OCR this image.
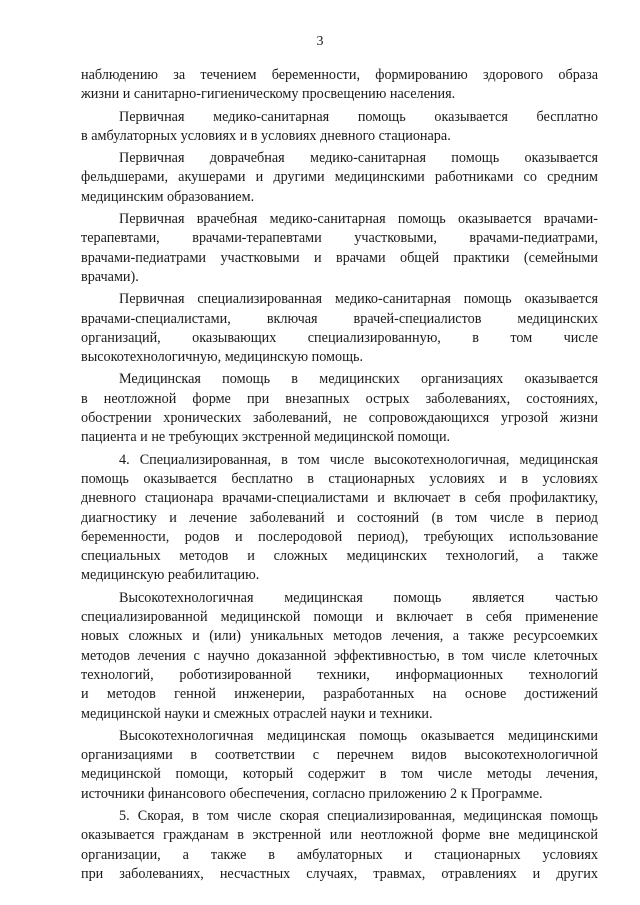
3

наблюдению за течением беременности, формированию здорового образа
жизни и санитарно-гигиеническому просвещению населения.

Первичная медико-санитарная помощь оказывается бесплатно
в амбулаторных условиях и в условиях дневного стационара.

Первичная доврачебная медико-санитарная помощь оказывается
фельдшерами, акушерами и другими медицинскими работниками со средним
медицинским образованием.

Первичная врачебная медико-санитарная помощь оказывается врачами-
терапевтами, врачами-терапевтами участковыми, врачами-педиатрами,
врачами-педиатрами участковыми и врачами общей практики (семейными
врачами).

Первичная специализированная медико-санитарная помощь оказывается
врачами-специалистами, включая врачей-специалистов медицинских
организаций, оказывающих специализированную, в том числе
высокотехнологичную, медицинскую помощь.

Медицинская помощь в медицинских организациях оказывается
в неотложной форме при внезапных острых заболеваниях, состояниях,
обострении хронических заболеваний, не сопровождающихся угрозой жизни
пациента и не требующих экстренной медицинской помощи.

4. Специализированная, в том числе высокотехнологичная, медицинская
помощь оказывается бесплатно в стационарных условиях и в условиях
дневного стационара врачами-специалистами и включает в себя профилактику,
диагностику и лечение заболеваний и состояний (в том числе в период
беременности, родов и послеродовой период), требующих использование
специальных методов и сложных медицинских технологий, а также
медицинскую реабилитацию.

Высокотехнологичная медицинская помощь является частью
специализированной медицинской помощи и включает в себя применение
новых сложных и (или) уникальных методов лечения, а также ресурсоемких
методов лечения с научно доказанной эффективностью, в том числе клеточных
технологий, роботизированной техники, информационных технологий
и методов генной инженерии, разработанных на основе достижений
медицинской науки и смежных отраслей науки и техники.

Высокотехнологичная медицинская помощь оказывается медицинскими
организациями в соответствии с перечнем видов высокотехнологичной
медицинской помощи, который содержит в том числе методы лечения,
источники финансового обеспечения, согласно приложению 2 к Программе.

5. Скорая, в том числе скорая специализированная, медицинская помощь
оказывается гражданам в экстренной или неотложной форме вне медицинской
организации, а также в амбулаторных и стационарных условиях
при заболеваниях, несчастных случаях, травмах, отравлениях и других
